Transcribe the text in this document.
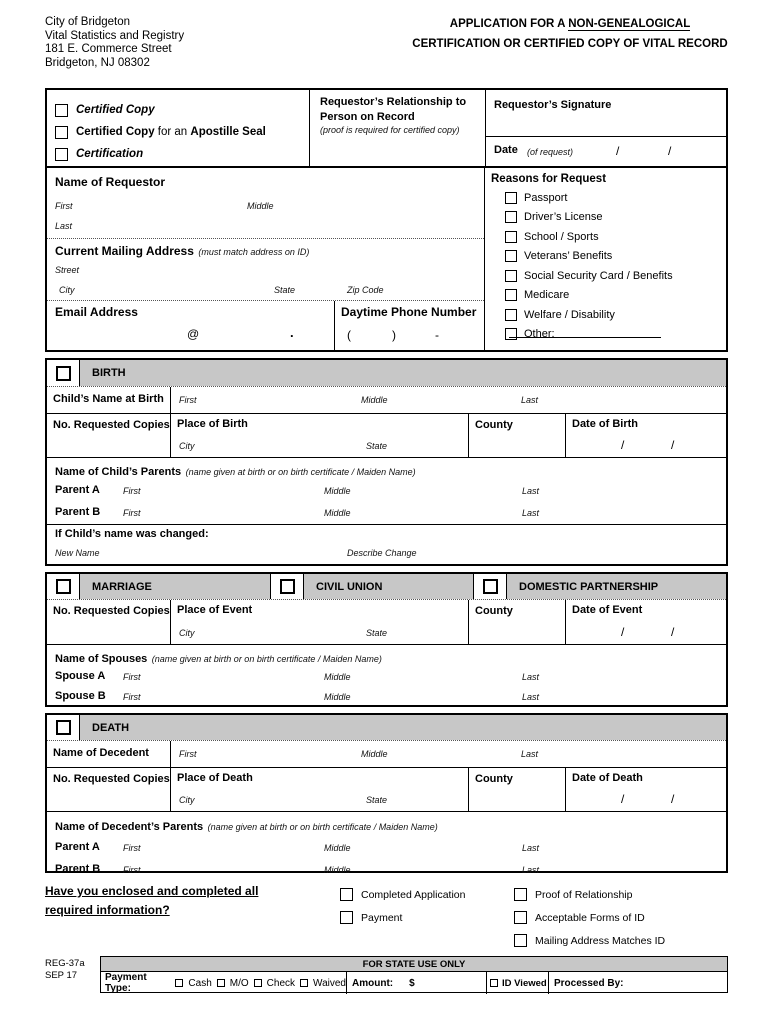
City of Bridgeton
Vital Statistics and Registry
181 E. Commerce Street
Bridgeton, NJ 08302
APPLICATION FOR A NON-GENEALOGICAL
CERTIFICATION OR CERTIFIED COPY OF VITAL RECORD
Certified Copy
Certified Copy for an Apostille Seal
Certification
Requestor’s Relationship to Person on Record
(proof is required for certified copy)
Requestor’s Signature
Date (of request)	/	/
Name of Requestor
First	Middle
Last
Current Mailing Address (must match address on ID)
Street
City	State	Zip Code
Email Address
@	.
Daytime Phone Number
(	)	-
Reasons for Request
Passport
Driver’s License
School / Sports
Veterans’ Benefits
Social Security Card / Benefits
Medicare
Welfare / Disability
Other:
BIRTH
Child’s Name at Birth	First	Middle	Last
No. Requested Copies Place of Birth
City	State
County	Date of Birth
/	/
Name of Child’s Parents (name given at birth or on birth certificate / Maiden Name)
Parent A	First	Middle	Last
Parent B	First	Middle	Last
If Child’s name was changed:
New Name	Describe Change
MARRIAGE	CIVIL UNION	DOMESTIC PARTNERSHIP
No. Requested Copies Place of Event
City	State
County	Date of Event
/	/
Name of Spouses (name given at birth or on birth certificate / Maiden Name)
Spouse A First	Middle	Last
Spouse B First	Middle	Last
DEATH
Name of Decedent	First	Middle	Last
No. Requested Copies Place of Death
City	State
County	Date of Death
/	/
Name of Decedent’s Parents (name given at birth or on birth certificate / Maiden Name)
Parent A	First	Middle	Last
Parent B	First	Middle	Last
Have you enclosed and completed all
required information?
Completed Application
Payment
Proof of Relationship
Acceptable Forms of ID
Mailing Address Matches ID
REG-37a
SEP 17
FOR STATE USE ONLY
Payment Type:	Cash M/O Check Waived Amount: $	ID Viewed Processed By:
